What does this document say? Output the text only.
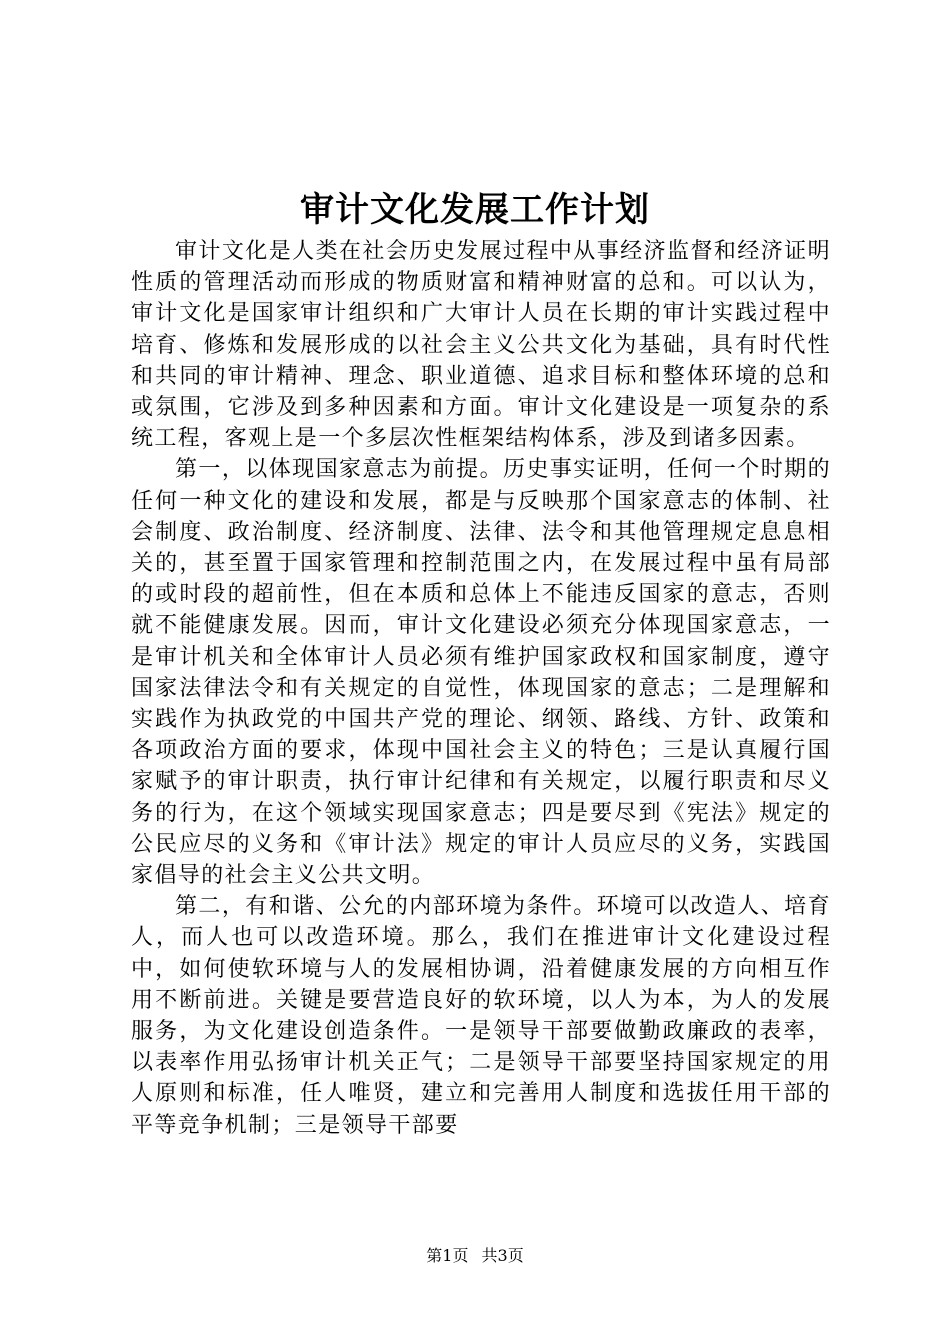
审计文化发展工作计划

审计文化是人类在社会历史发展过程中从事经济监督和经济证明性质的管理活动而形成的物质财富和精神财富的总和。可以认为，审计文化是国家审计组织和广大审计人员在长期的审计实践过程中培育、修炼和发展形成的以社会主义公共文化为基础，具有时代性和共同的审计精神、理念、职业道德、追求目标和整体环境的总和或氛围，它涉及到多种因素和方面。审计文化建设是一项复杂的系统工程，客观上是一个多层次性框架结构体系，涉及到诸多因素。

第一，以体现国家意志为前提。历史事实证明，任何一个时期的任何一种文化的建设和发展，都是与反映那个国家意志的体制、社会制度、政治制度、经济制度、法律、法令和其他管理规定息息相关的，甚至置于国家管理和控制范围之内，在发展过程中虽有局部的或时段的超前性，但在本质和总体上不能违反国家的意志，否则就不能健康发展。因而，审计文化建设必须充分体现国家意志，一是审计机关和全体审计人员必须有维护国家政权和国家制度，遵守国家法律法令和有关规定的自觉性，体现国家的意志；二是理解和实践作为执政党的中国共产党的理论、纲领、路线、方针、政策和各项政治方面的要求，体现中国社会主义的特色；三是认真履行国家赋予的审计职责，执行审计纪律和有关规定，以履行职责和尽义务的行为，在这个领域实现国家意志；四是要尽到《宪法》规定的公民应尽的义务和《审计法》规定的审计人员应尽的义务，实践国家倡导的社会主义公共文明。

第二，有和谐、公允的内部环境为条件。环境可以改造人、培育人，而人也可以改造环境。那么，我们在推进审计文化建设过程中，如何使软环境与人的发展相协调，沿着健康发展的方向相互作用不断前进。关键是要营造良好的软环境，以人为本，为人的发展服务，为文化建设创造条件。一是领导干部要做勤政廉政的表率，以表率作用弘扬审计机关正气；二是领导干部要坚持国家规定的用人原则和标准，任人唯贤，建立和完善用人制度和选拔任用干部的平等竞争机制；三是领导干部要

第1页 共3页
